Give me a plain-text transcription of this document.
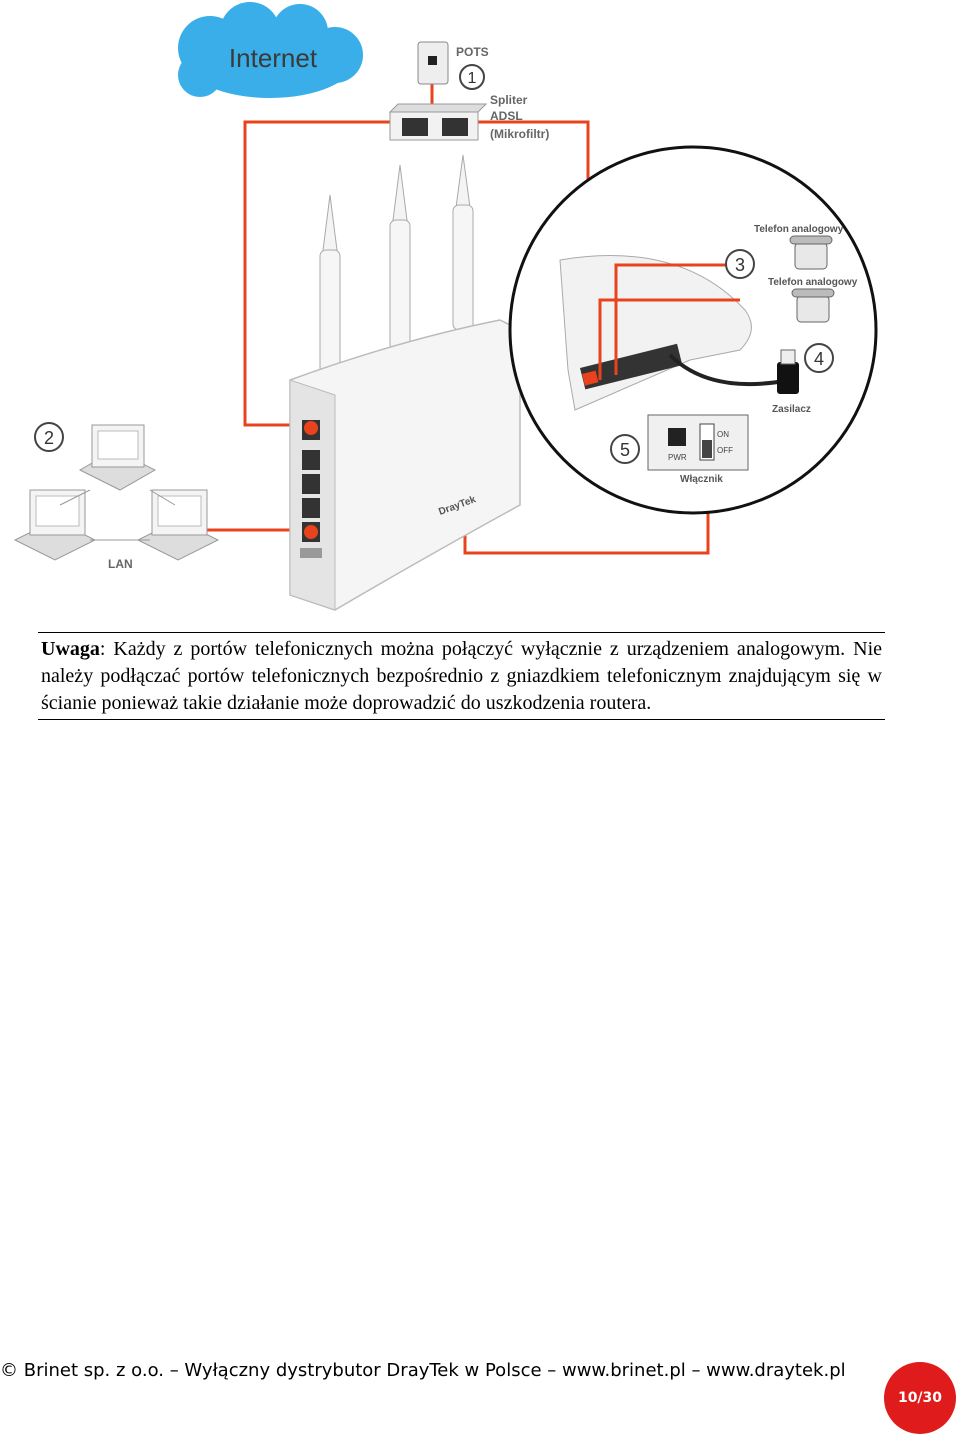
Internet	POTS
1
Spliter
ADSL
(Mikrofiltr)
DrayTek
LAN
2
Telefon analogowy
Telefon analogowy
3
Zasilacz
4
PWR
ON
OFF
Włącznik
5
Uwaga: Każdy z portów telefonicznych można połączyć wyłącznie z urządzeniem analogowym. Nie należy podłączać portów telefonicznych bezpośrednio z gniazdkiem telefonicznym znajdującym się w ścianie ponieważ takie działanie może doprowadzić do uszkodzenia routera.
© Brinet sp. z o.o. – Wyłączny dystrybutor DrayTek w Polsce – www.brinet.pl – www.draytek.pl
10/30
